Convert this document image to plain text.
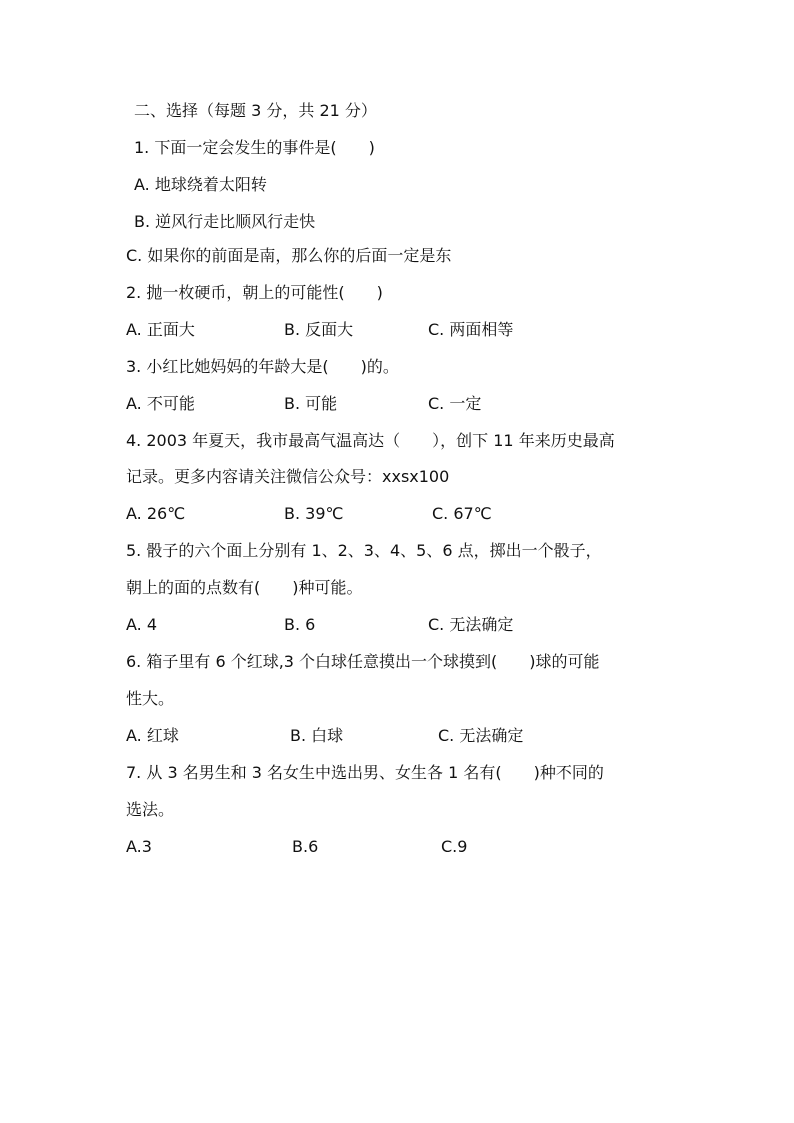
二、选择（每题 3 分，共 21 分）
1. 下面一定会发生的事件是(　　)
A. 地球绕着太阳转
B. 逆风行走比顺风行走快
C. 如果你的前面是南，那么你的后面一定是东
2. 抛一枚硬币，朝上的可能性(　　)
A. 正面大	B. 反面大	C. 两面相等
3. 小红比她妈妈的年龄大是(　　)的。
A. 不可能	B. 可能	C. 一定
4. 2003 年夏天，我市最高气温高达（　　），创下 11 年来历史最高
记录。更多内容请关注微信公众号：xxsx100
A. 26℃	B. 39℃	C. 67℃
5. 骰子的六个面上分别有 1、2、3、4、5、6 点，掷出一个骰子，
朝上的面的点数有(　　)种可能。
A. 4	B. 6	C. 无法确定
6. 箱子里有 6 个红球,3 个白球任意摸出一个球摸到(　　)球的可能
性大。
A. 红球	B. 白球	C. 无法确定
7. 从 3 名男生和 3 名女生中选出男、女生各 1 名有(　　)种不同的
选法。
A.3	B.6	C.9
